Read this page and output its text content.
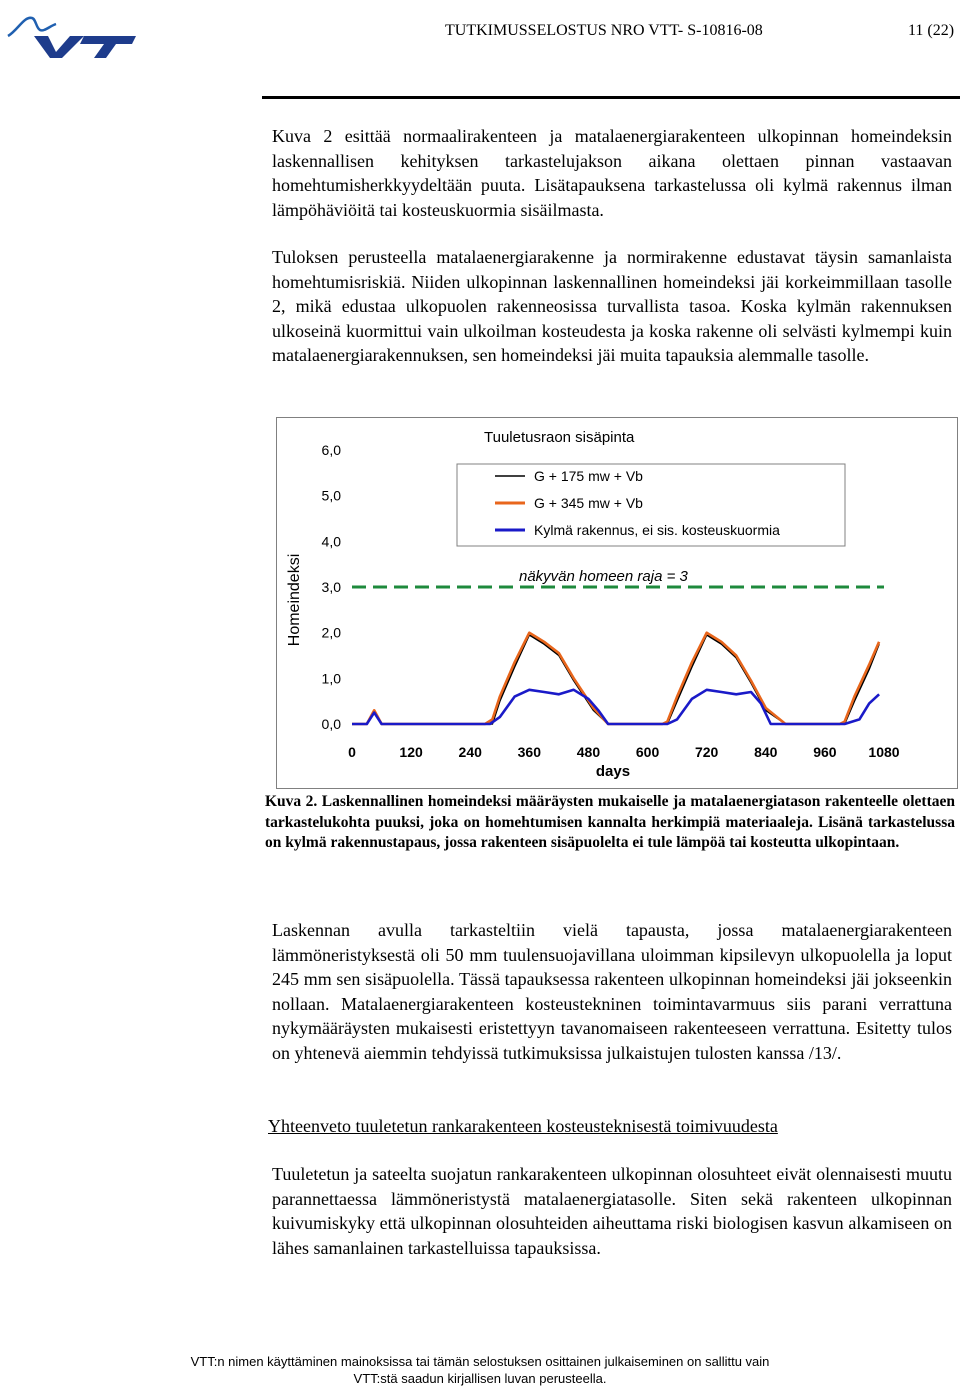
TUTKIMUSSELOSTUS NRO VTT- S-10816-08	11 (22)

Kuva 2 esittää normaalirakenteen ja matalaenergiarakenteen ulkopinnan homeindeksin laskennallisen kehityksen tarkastelujakson aikana olettaen pinnan vastaavan homehtumisherkkyydeltään puuta. Lisätapauksena tarkastelussa oli kylmä rakennus ilman lämpöhäviöitä tai kosteuskuormia sisäilmasta.

Tuloksen perusteella matalaenergiarakenne ja normirakenne edustavat täysin samanlaista homehtumisriskiä. Niiden ulkopinnan laskennallinen homeindeksi jäi korkeimmillaan tasolle 2, mikä edustaa ulkopuolen rakenneosissa turvallista tasoa. Koska kylmän rakennuksen ulkoseinä kuormittui vain ulkoilman kosteudesta ja koska rakenne oli selvästi kylmempi kuin matalaenergiarakennuksen, sen homeindeksi jäi muita tapauksia alemmalle tasolle.

Homeindeksi
Tuuletusraon sisäpinta
days
näkyvän homeen raja = 3
G + 175 mw + Vb
G + 345 mw + Vb
Kylmä rakennus, ei sis. kosteuskuormia
0,0
1,0
2,0
3,0
4,0
5,0
6,0
0	120	240	360	480	600	720	840	960 1080

Kuva 2. Laskennallinen homeindeksi määräysten mukaiselle ja matalaenergiatason rakenteelle olettaen tarkastelukohta puuksi, joka on homehtumisen kannalta herkimpiä materiaaleja. Lisänä tarkastelussa on kylmä rakennustapaus, jossa rakenteen sisäpuolelta ei tule lämpöä tai kosteutta ulkopintaan.

Laskennan avulla tarkasteltiin vielä tapausta, jossa matalaenergiarakenteen lämmöneristyksestä oli 50 mm tuulensuojavillana uloimman kipsilevyn ulkopuolella ja loput 245 mm sen sisäpuolella. Tässä tapauksessa rakenteen ulkopinnan homeindeksi jäi jokseenkin nollaan. Matalaenergiarakenteen kosteustekninen toimintavarmuus siis parani verrattuna nykymääräysten mukaisesti eristettyyn tavanomaiseen rakenteeseen verrattuna. Esitetty tulos on yhtenevä aiemmin tehdyissä tutkimuksissa julkaistujen tulosten kanssa /13/.

Yhteenveto tuuletetun rankarakenteen kosteusteknisestä toimivuudesta

Tuuletetun ja sateelta suojatun rankarakenteen ulkopinnan olosuhteet eivät olennaisesti muutu parannettaessa lämmöneristystä matalaenergiatasolle. Siten sekä rakenteen ulkopinnan kuivumiskyky että ulkopinnan olosuhteiden aiheuttama riski biologisen kasvun alkamiseen on lähes samanlainen tarkastelluissa tapauksissa.

VTT:n nimen käyttäminen mainoksissa tai tämän selostuksen osittainen julkaiseminen on sallittu vain
VTT:stä saadun kirjallisen luvan perusteella.
